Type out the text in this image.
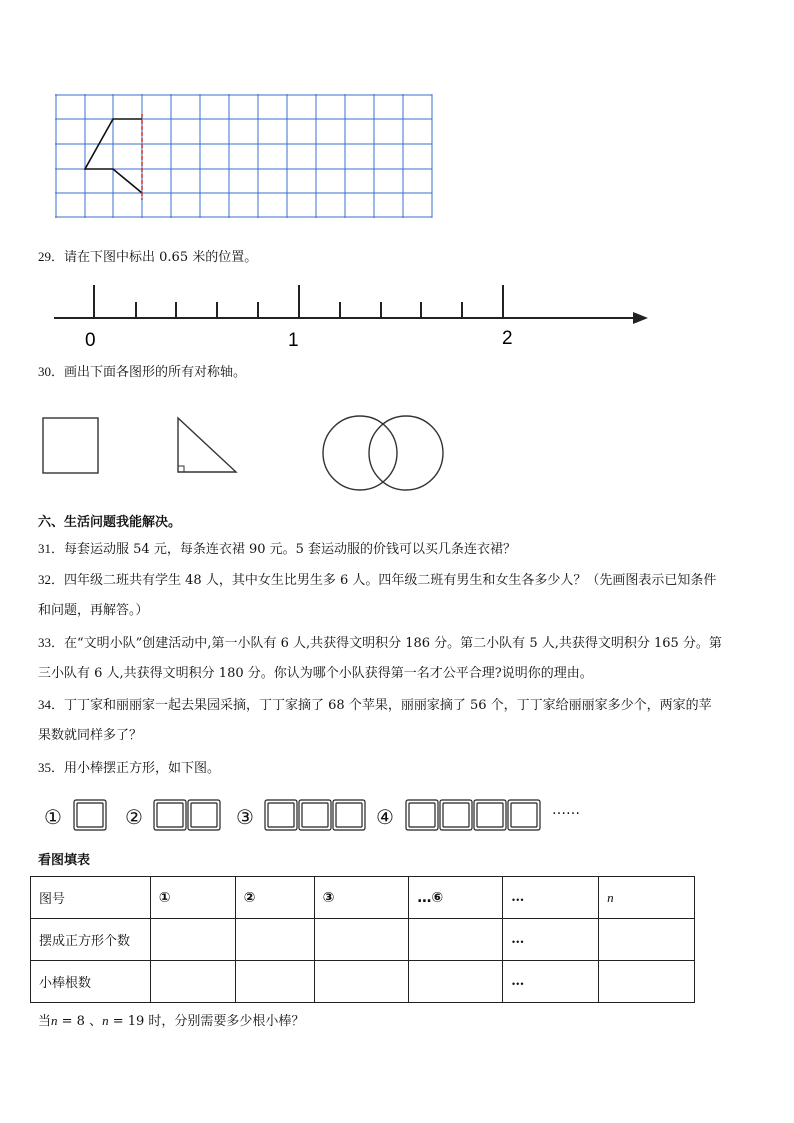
29．请在下图中标出 0.65 米的位置。
0	1	2
30．画出下面各图形的所有对称轴。
六、生活问题我能解决。
31．每套运动服 54 元，每条连衣裙 90 元。5 套运动服的价钱可以买几条连衣裙？
32．四年级二班共有学生 48 人，其中女生比男生多 6 人。四年级二班有男生和女生各多少人？（先画图表示已知条件
和问题，再解答。）
33．在“文明小队”创建活动中,第一小队有 6 人,共获得文明积分 186 分。第二小队有 5 人,共获得文明积分 165 分。第
三小队有 6 人,共获得文明积分 180 分。你认为哪个小队获得第一名才公平合理?说明你的理由。
34．丁丁家和丽丽家一起去果园采摘，丁丁家摘了 68 个苹果，丽丽家摘了 56 个，丁丁家给丽丽家多少个，两家的苹
果数就同样多了？
35．用小棒摆正方形，如下图。
①	②	③	④	……
看图填表
图号	①	②	③	…⑥	…	n
摆成正方形个数					…	
小棒根数					…	
当n = 8 、n = 19 时，分别需要多少根小棒？
